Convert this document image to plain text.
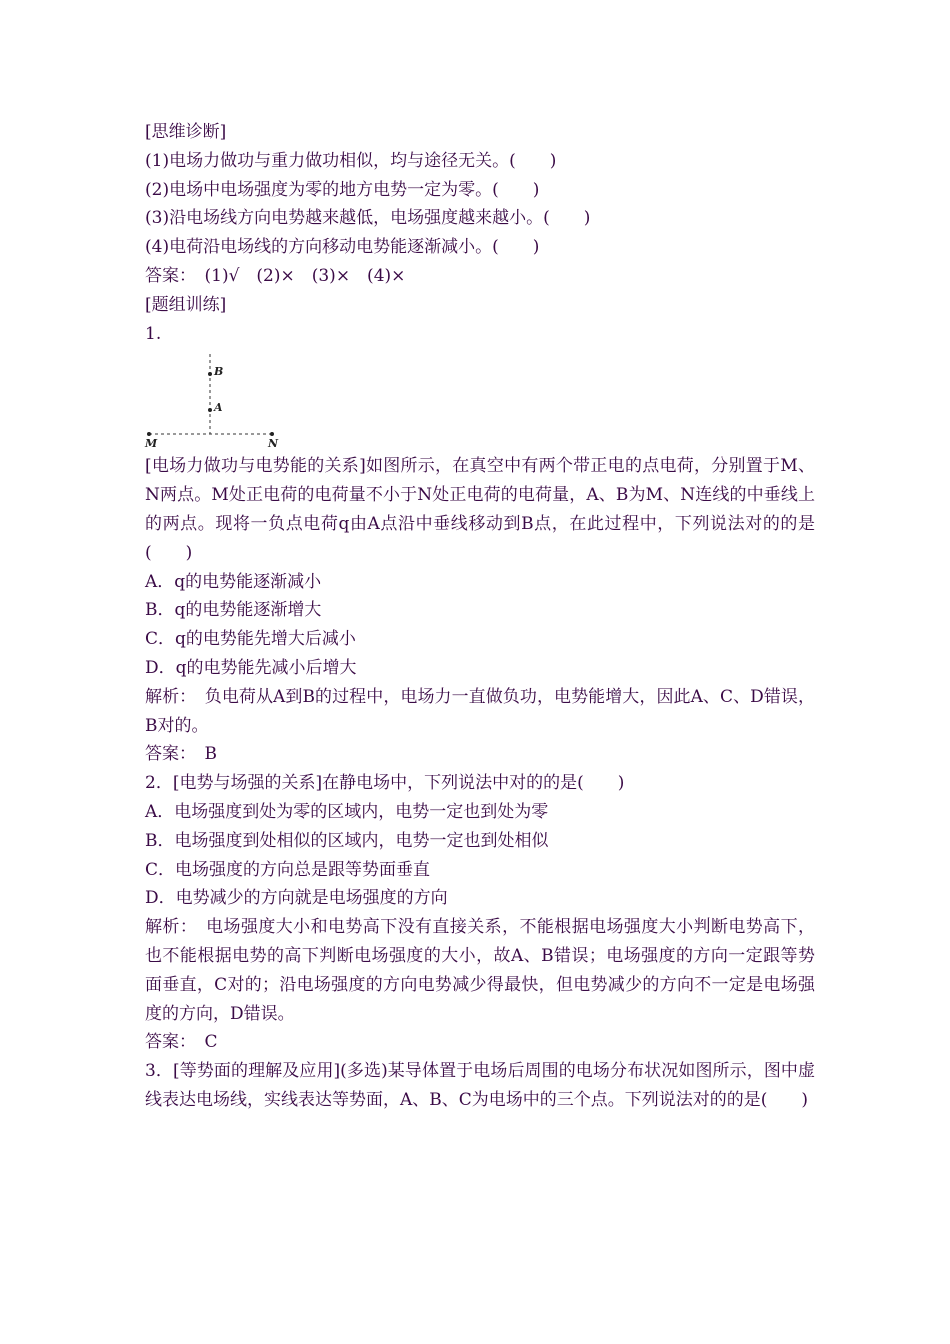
[思维诊断]
(1)电场力做功与重力做功相似，均与途径无关。(　　)
(2)电场中电场强度为零的地方电势一定为零。(　　)
(3)沿电场线方向电势越来越低，电场强度越来越小。(　　)
(4)电荷沿电场线的方向移动电势能逐渐减小。(　　)
答案：　(1)√　(2)×　(3)×　(4)×
[题组训练]
1.
B
A
M	N
[电场力做功与电势能的关系]如图所示，在真空中有两个带正电的点电荷，分别置于M、N两点。M处正电荷的电荷量不小于N处正电荷的电荷量，A、B为M、N连线的中垂线上的两点。现将一负点电荷q由A点沿中垂线移动到B点，在此过程中，下列说法对的的是(　　)
A．q的电势能逐渐减小
B．q的电势能逐渐增大
C．q的电势能先增大后减小
D．q的电势能先减小后增大
解析：　负电荷从A到B的过程中，电场力一直做负功，电势能增大，因此A、C、D错误，B对的。
答案：　B
2．[电势与场强的关系]在静电场中，下列说法中对的的是(　　)
A．电场强度到处为零的区域内，电势一定也到处为零
B．电场强度到处相似的区域内，电势一定也到处相似
C．电场强度的方向总是跟等势面垂直
D．电势减少的方向就是电场强度的方向
解析：　电场强度大小和电势高下没有直接关系，不能根据电场强度大小判断电势高下，也不能根据电势的高下判断电场强度的大小，故A、B错误；电场强度的方向一定跟等势面垂直，C对的；沿电场强度的方向电势减少得最快，但电势减少的方向不一定是电场强度的方向，D错误。
答案：　C
3．[等势面的理解及应用](多选)某导体置于电场后周围的电场分布状况如图所示，图中虚线表达电场线，实线表达等势面，A、B、C为电场中的三个点。下列说法对的的是(　　)
